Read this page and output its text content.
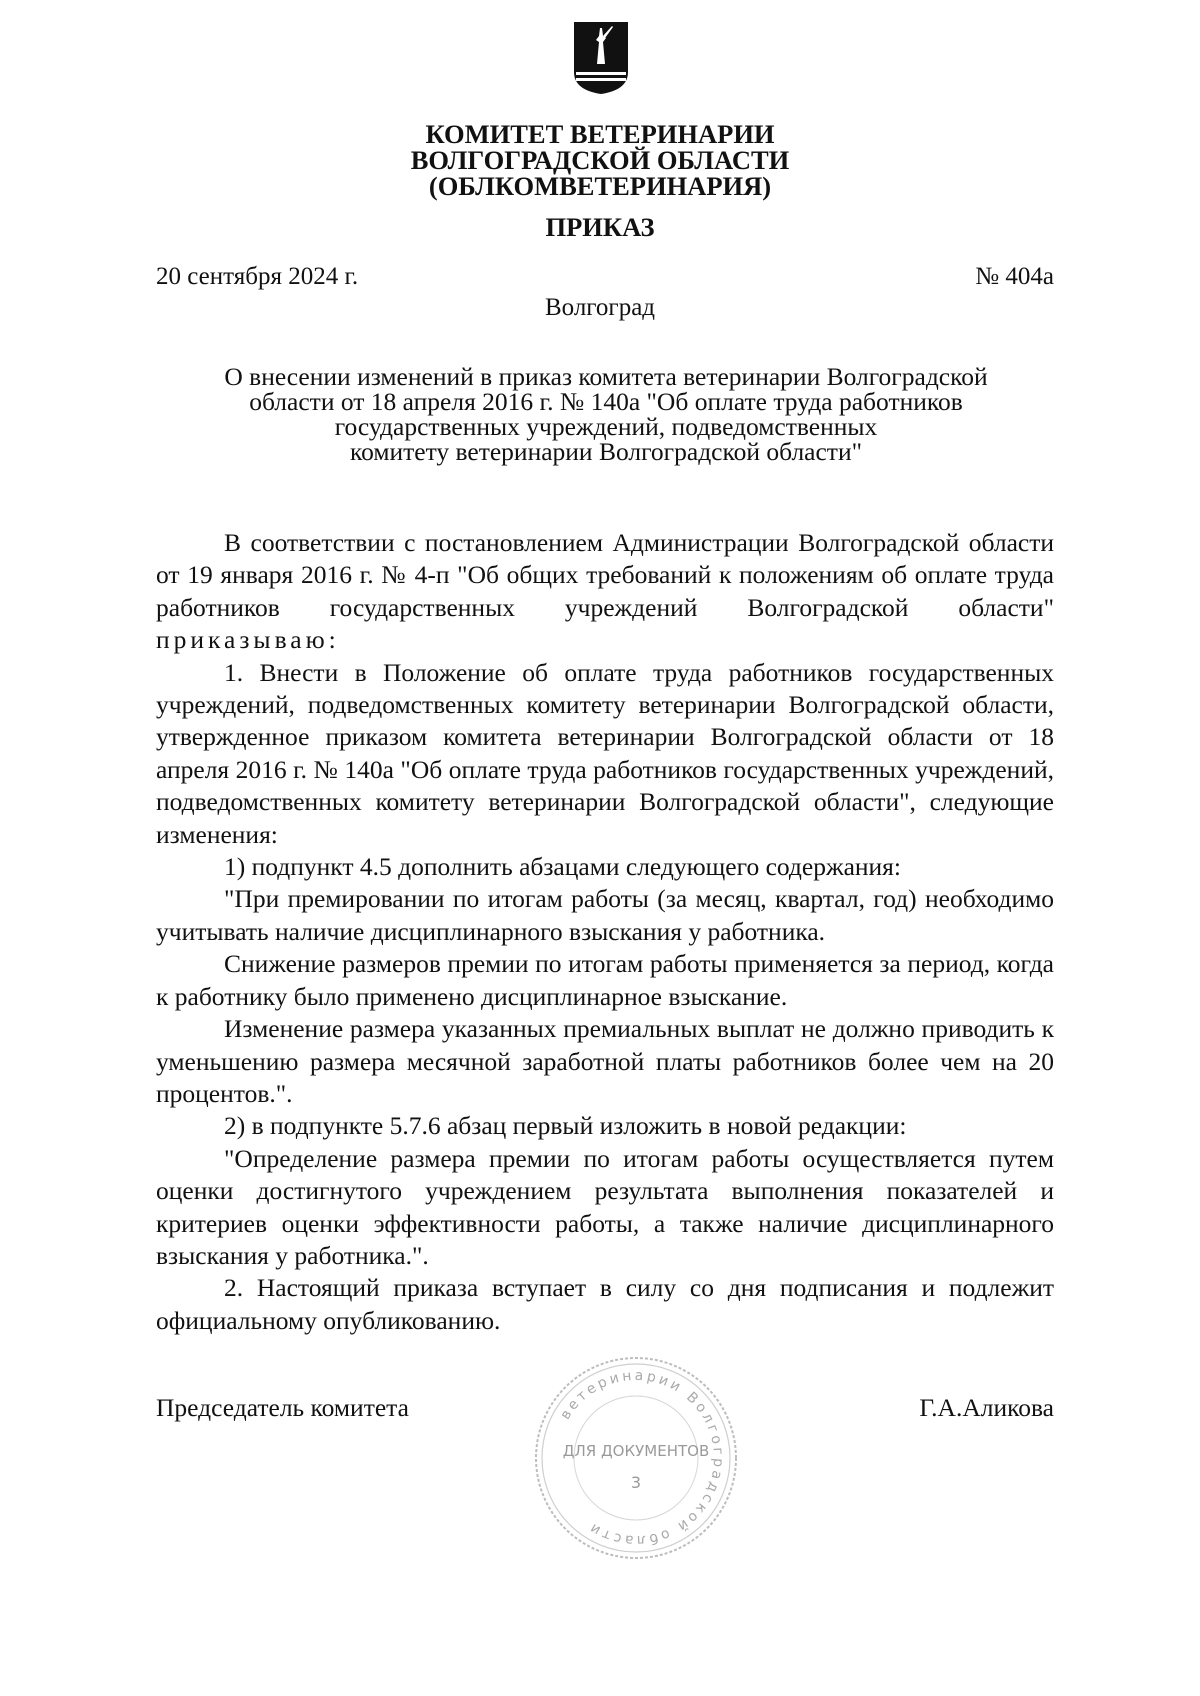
КОМИТЕТ ВЕТЕРИНАРИИ
ВОЛГОГРАДСКОЙ ОБЛАСТИ
(ОБЛКОМВЕТЕРИНАРИЯ)
ПРИКАЗ
20 сентября 2024 г.	№ 404а
Волгоград
О внесении изменений в приказ комитета ветеринарии Волгоградской
области от 18 апреля 2016 г. № 140а "Об оплате труда работников
государственных учреждений, подведомственных
комитету ветеринарии Волгоградской области"

В соответствии с постановлением Администрации Волгоградской области от 19 января 2016 г. № 4-п "Об общих требований к положениям об оплате труда работников государственных учреждений Волгоградской области" приказываю:

1. Внести в Положение об оплате труда работников государственных учреждений, подведомственных комитету ветеринарии Волгоградской области, утвержденное приказом комитета ветеринарии Волгоградской области от 18 апреля 2016 г. № 140а "Об оплате труда работников государственных учреждений, подведомственных комитету ветеринарии Волгоградской области", следующие изменения:

1) подпункт 4.5 дополнить абзацами следующего содержания:

"При премировании по итогам работы (за месяц, квартал, год) необходимо учитывать наличие дисциплинарного взыскания у работника.

Снижение размеров премии по итогам работы применяется за период, когда к работнику было применено дисциплинарное взыскание.

Изменение размера указанных премиальных выплат не должно приводить к уменьшению размера месячной заработной платы работников более чем на 20 процентов.".

2) в подпункте 5.7.6 абзац первый изложить в новой редакции:

"Определение размера премии по итогам работы осуществляется путем оценки достигнутого учреждением результата выполнения показателей и критериев оценки эффективности работы, а также наличие дисциплинарного взыскания у работника.".

2. Настоящий приказа вступает в силу со дня подписания и подлежит официальному опубликованию.

Председатель комитета	Г.А.Аликова
ветеринарии Волгоградской области
ДЛЯ ДОКУМЕНТОВ
3
